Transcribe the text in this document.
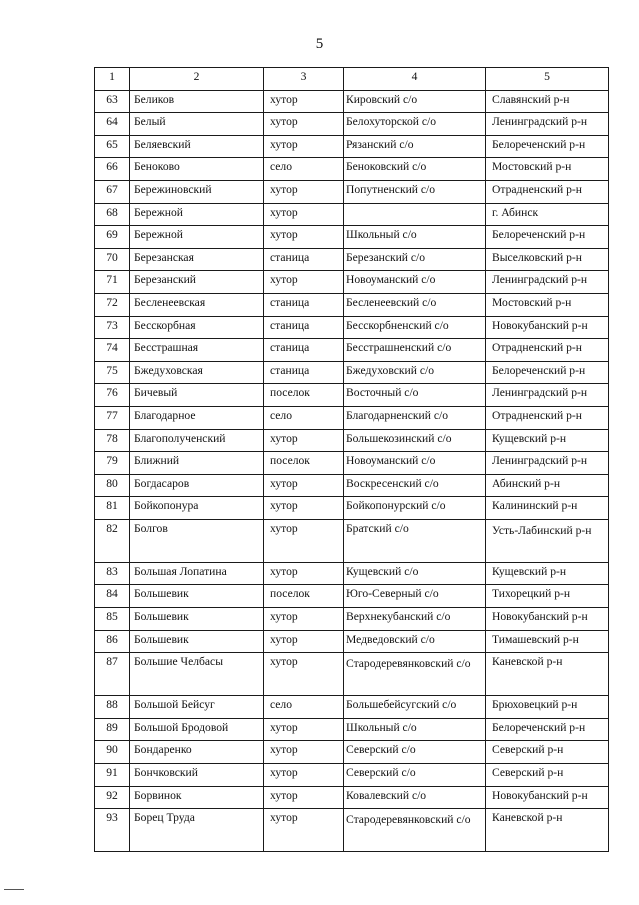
5
1	2	3	4	5
63	Беликов	хутор	Кировский с/о	Славянский р-н
64	Белый	хутор	Белохуторской с/о	Ленинградский р-н
65	Беляевский	хутор	Рязанский с/о	Белореченский р-н
66	Беноково	село	Беноковский с/о	Мостовский р-н
67	Бережиновский	хутор	Попутненский с/о	Отрадненский р-н
68	Бережной	хутор		г. Абинск
69	Бережной	хутор	Школьный с/о	Белореченский р-н
70	Березанская	станица	Березанский с/о	Выселковский р-н
71	Березанский	хутор	Новоуманский с/о	Ленинградский р-н
72	Бесленеевская	станица	Бесленеевский с/о	Мостовский р-н
73	Бесскорбная	станица	Бесскорбненский с/о	Новокубанский р-н
74	Бесстрашная	станица	Бесстрашненский с/о	Отрадненский р-н
75	Бжедуховская	станица	Бжедуховский с/о	Белореченский р-н
76	Бичевый	поселок	Восточный с/о	Ленинградский р-н
77	Благодарное	село	Благодарненский с/о	Отрадненский р-н
78	Благополученский	хутор	Большекозинский с/о	Кущевский р-н
79	Ближний	поселок	Новоуманский с/о	Ленинградский р-н
80	Богдасаров	хутор	Воскресенский с/о	Абинский р-н
81	Бойкопонура	хутор	Бойкопонурский с/о	Калининский р-н
82	Болгов	хутор	Братский с/о	Усть-Лабинский р-н
83	Большая Лопатина	хутор	Кущевский с/о	Кущевский р-н
84	Большевик	поселок	Юго-Северный с/о	Тихорецкий р-н
85	Большевик	хутор	Верхнекубанский с/о	Новокубанский р-н
86	Большевик	хутор	Медведовский с/о	Тимашевский р-н
87	Большие Челбасы	хутор	Стародеревянковский с/о	Каневской р-н
88	Большой Бейсуг	село	Большебейсугский с/о	Брюховецкий р-н
89	Большой Бродовой	хутор	Школьный с/о	Белореченский р-н
90	Бондаренко	хутор	Северский с/о	Северский р-н
91	Бончковский	хутор	Северский с/о	Северский р-н
92	Борвинок	хутор	Ковалевский с/о	Новокубанский р-н
93	Борец Труда	хутор	Стародеревянковский с/о	Каневской р-н
